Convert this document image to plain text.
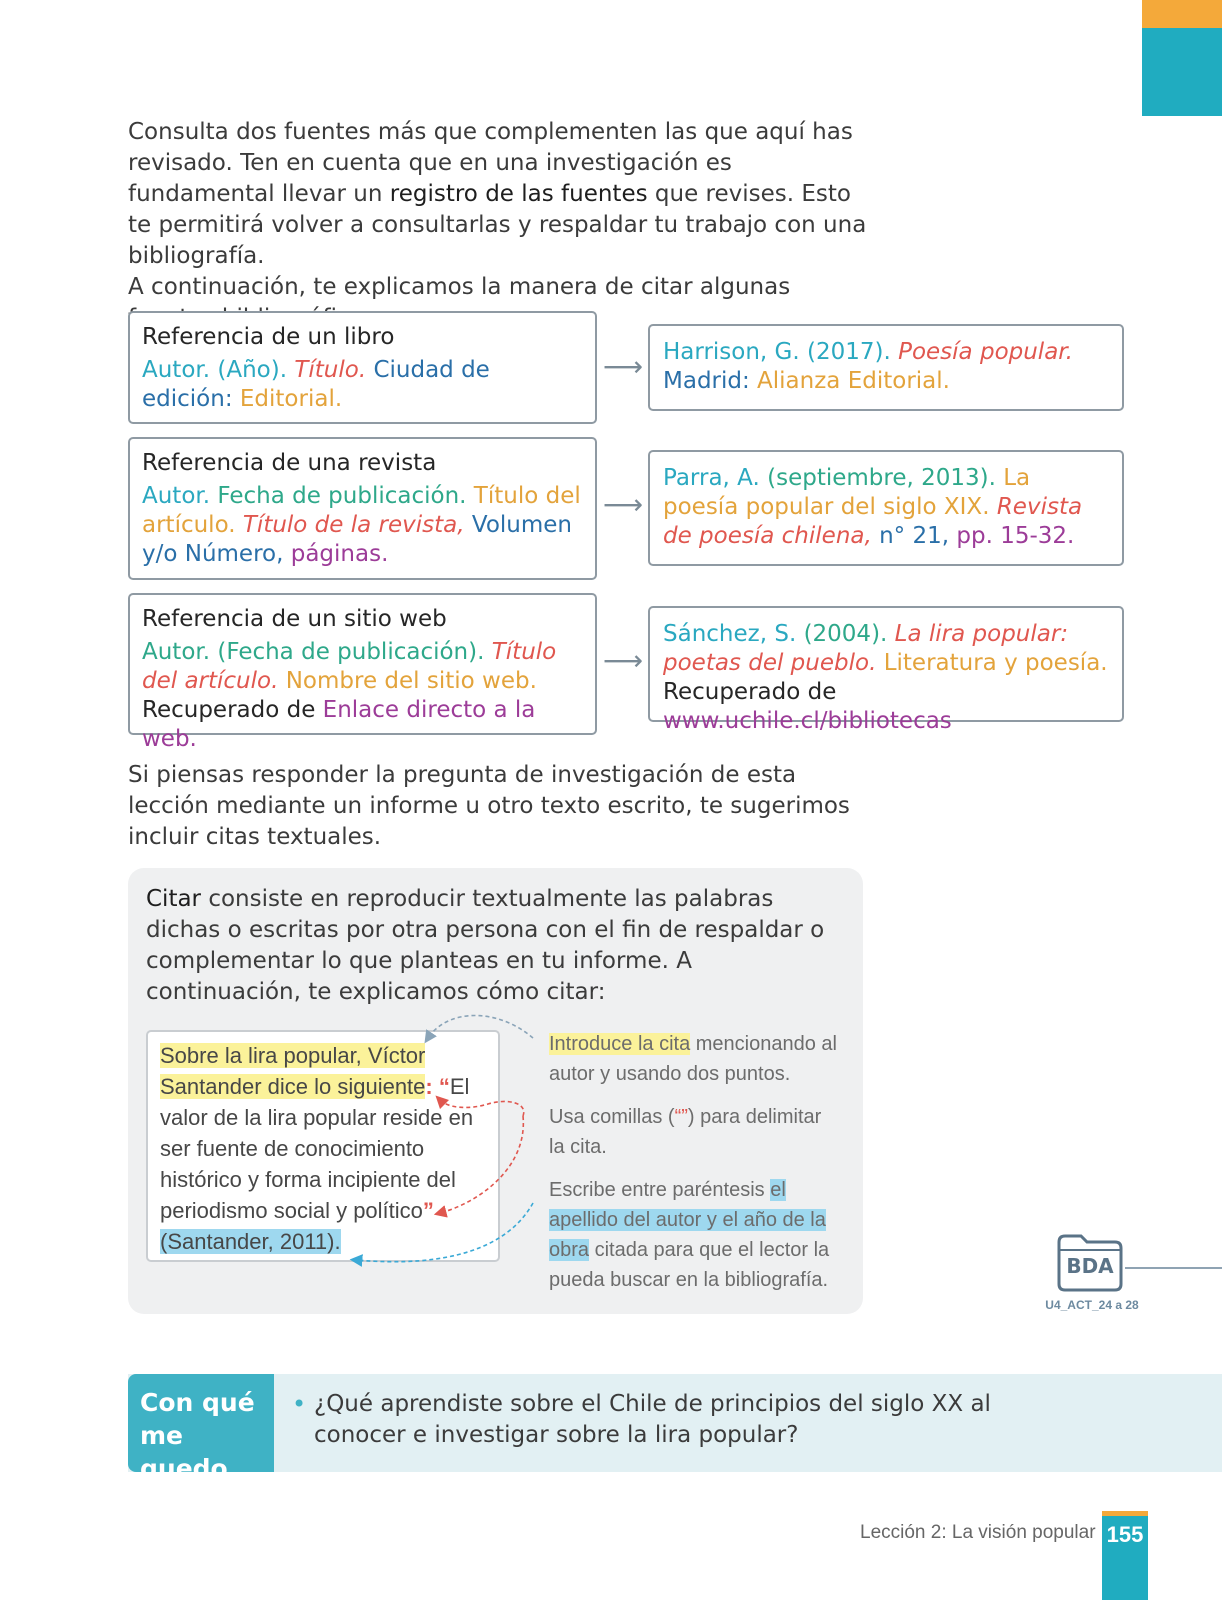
Consulta dos fuentes más que complementen las que aquí has revisado. Ten en cuenta que en una investigación es fundamental llevar un registro de las fuentes que revises. Esto te permitirá volver a consultarlas y respaldar tu trabajo con una bibliografía.

A continuación, te explicamos la manera de citar algunas

Referencia de un libro
Autor. (Año). Título. Ciudad de edición: Editorial.
⟶ Harrison, G. (2017). Poesía popular. Madrid: Alianza Editorial.
Referencia de una revista
Autor. Fecha de publicación. Título del artículo. Título de la revista, Volumen y/o Número, páginas.
⟶
Parra, A. (septiembre, 2013). La poesía popular del siglo XIX. Revista de poesía chilena, n° 21, pp. 15-32.
Referencia de un sitio web
Autor. (Fecha de publicación). Título del artículo. Nombre del sitio web. Recuperado de Enlace directo a la web.
⟶
Sánchez, S. (2004). La lira popular: poetas del pueblo. Literatura y poesía. Recuperado de www.uchile.cl/bibliotecas

Si piensas responder la pregunta de investigación de esta lección mediante un informe u otro texto escrito, te sugerimos incluir citas textuales.

Citar consiste en reproducir textualmente las palabras dichas o escritas por otra persona con el fin de respaldar o complementar lo que planteas en tu informe. A continuación, te explicamos cómo citar:

Sobre la lira popular, Víctor Santander dice lo siguiente: “El valor de la lira popular reside en ser fuente de conocimiento histórico y forma incipiente del periodismo social y político” (Santander, 2011).
Introduce la cita mencionando al autor y usando dos puntos.
Usa comillas (“”) para delimitar la cita.
Escribe entre paréntesis el apellido del autor y el año de la obra citada para que el lector la pueda buscar en la bibliografía.
BDA
U4_ACT_24 a 28
Con qué me quedo
• ¿Qué aprendiste sobre el Chile de principios del siglo XX al conocer e investigar sobre la lira popular?
Lección 2: La visión popular 155
